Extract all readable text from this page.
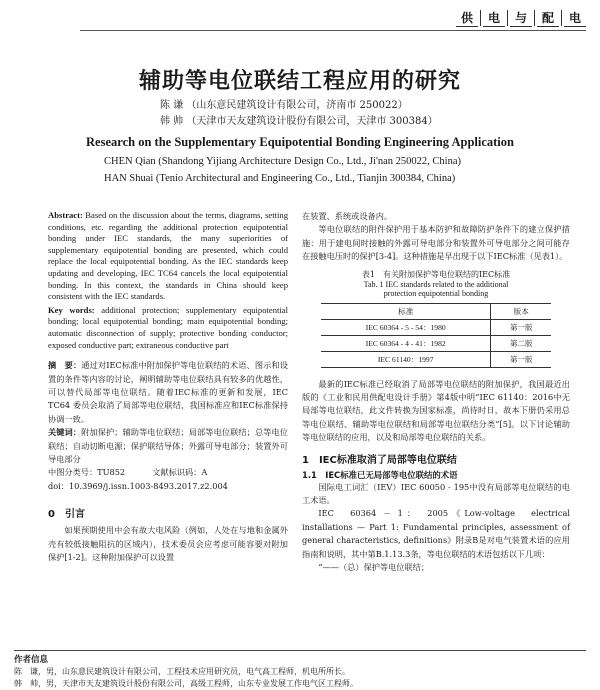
供	电	与	配	电
辅助等电位联结工程应用的研究
陈 谦 （山东意民建筑设计有限公司，济南市 250022）
韩 帅 （天津市天友建筑设计股份有限公司，天津市 300384）
Research on the Supplementary Equipotential Bonding Engineering Application
CHEN Qian (Shandong Yijiang Architecture Design Co., Ltd., Ji'nan 250022, China)
HAN Shuai (Tenio Architectural and Engineering Co., Ltd., Tianjin 300384, China)
Abstract: Based on the discussion about the terms, diagrams, setting conditions, etc. regarding the additional protection equipotential bonding under IEC standards, the many superiorities of supplementary equipotential bonding are presented, which could replace the local equipotential bonding. As the IEC standards keep updating and developing, IEC TC64 cancels the local equipotential bonding. In this context, the standards in China should keep consistent with the IEC standards.
Key words: additional protection; supplementary equipotential bonding; local equipotential bonding; main equipotential bonding; automatic disconnection of supply; protective bonding conductor; exposed conductive part; extraneous conductive part
摘　要：通过对IEC标准中附加保护等电位联结的术语、图示和设置的条件等内容的讨论，阐明辅助等电位联结具有较多的优越性，可以替代局部等电位联结。随着IEC标准的更新和发展，IEC TC64 委员会取消了局部等电位联结，我国标准应和IEC标准保持协调一致。
关键词：附加保护；辅助等电位联结；局部等电位联结；总等电位联结；自动切断电源；保护联结导体；外露可导电部分；装置外可导电部分
中图分类号：TU852　　　	文献标识码：A
doi：10.3969/j.issn.1003-8493.2017.z2.004
0　引言
如果预期使用中会有故大电风险（例如，人处在与地和金属外壳有较低接触阻抗的区域内），技术委员会应考虑可能容要对附加保护[1-2]。这种附加保护可以设置
在装置、系统或设备内。
等电位联结的附件保护用于基本防护和故障防护条件下的建立保护措施：用于建电间时接触的外露可导电部分和装置外可导电部分之间可能存在接触电压时的保护[3-4]。这种措施是早出现于以下IEC标准（见表1）。
表1　有关附加保护等电位联结的IEC标准
Tab. 1 IEC standards related to the additional
protection equipotential bonding
标准	版本
IEC 60364 - 5 - 54：1980	第一版
IEC 60364 - 4 - 41：1982	第二版
IEC 61140：1997	第一版
最新的IEC标准已经取消了局部等电位联结的附加保护，我国最近出版的《工业和民用供配电设计手册》第4版中明“IEC 61140：2016中无局部等电位联结，此文件转换为国家标准，尚待时日，故本下册仍采用总等电位联结、辅助等电位联结和局部等电位联结分类”[5]。以下讨论辅助等电位联结的应用，以及和局部等电位联结的关系。
1　IEC标准取消了局部等电位联结
1.1　IEC标准已无局部等电位联结的术语
国际电工词汇（IEV）IEC 60050 - 195中没有局部等电位联结的电工术语。
IEC　60364 － 1：　2005《Low-voltage　electrical installations — Part 1: Fundamental principles, assessment of general characteristics, definitions》附录B是对电气装置术语的应用指南和说明，其中第B.1.13.3条，等电位联结的术语包括以下几项：
“——（总）保护等电位联结；
作者信息
陈　谦，男，山东意民建筑设计有限公司，工程技术应用研究员，电气高工程师，机电所所长。
韩　帅，男，天津市天友建筑设计股份有限公司，高级工程师，山东专业发展工作电气区工程师。
